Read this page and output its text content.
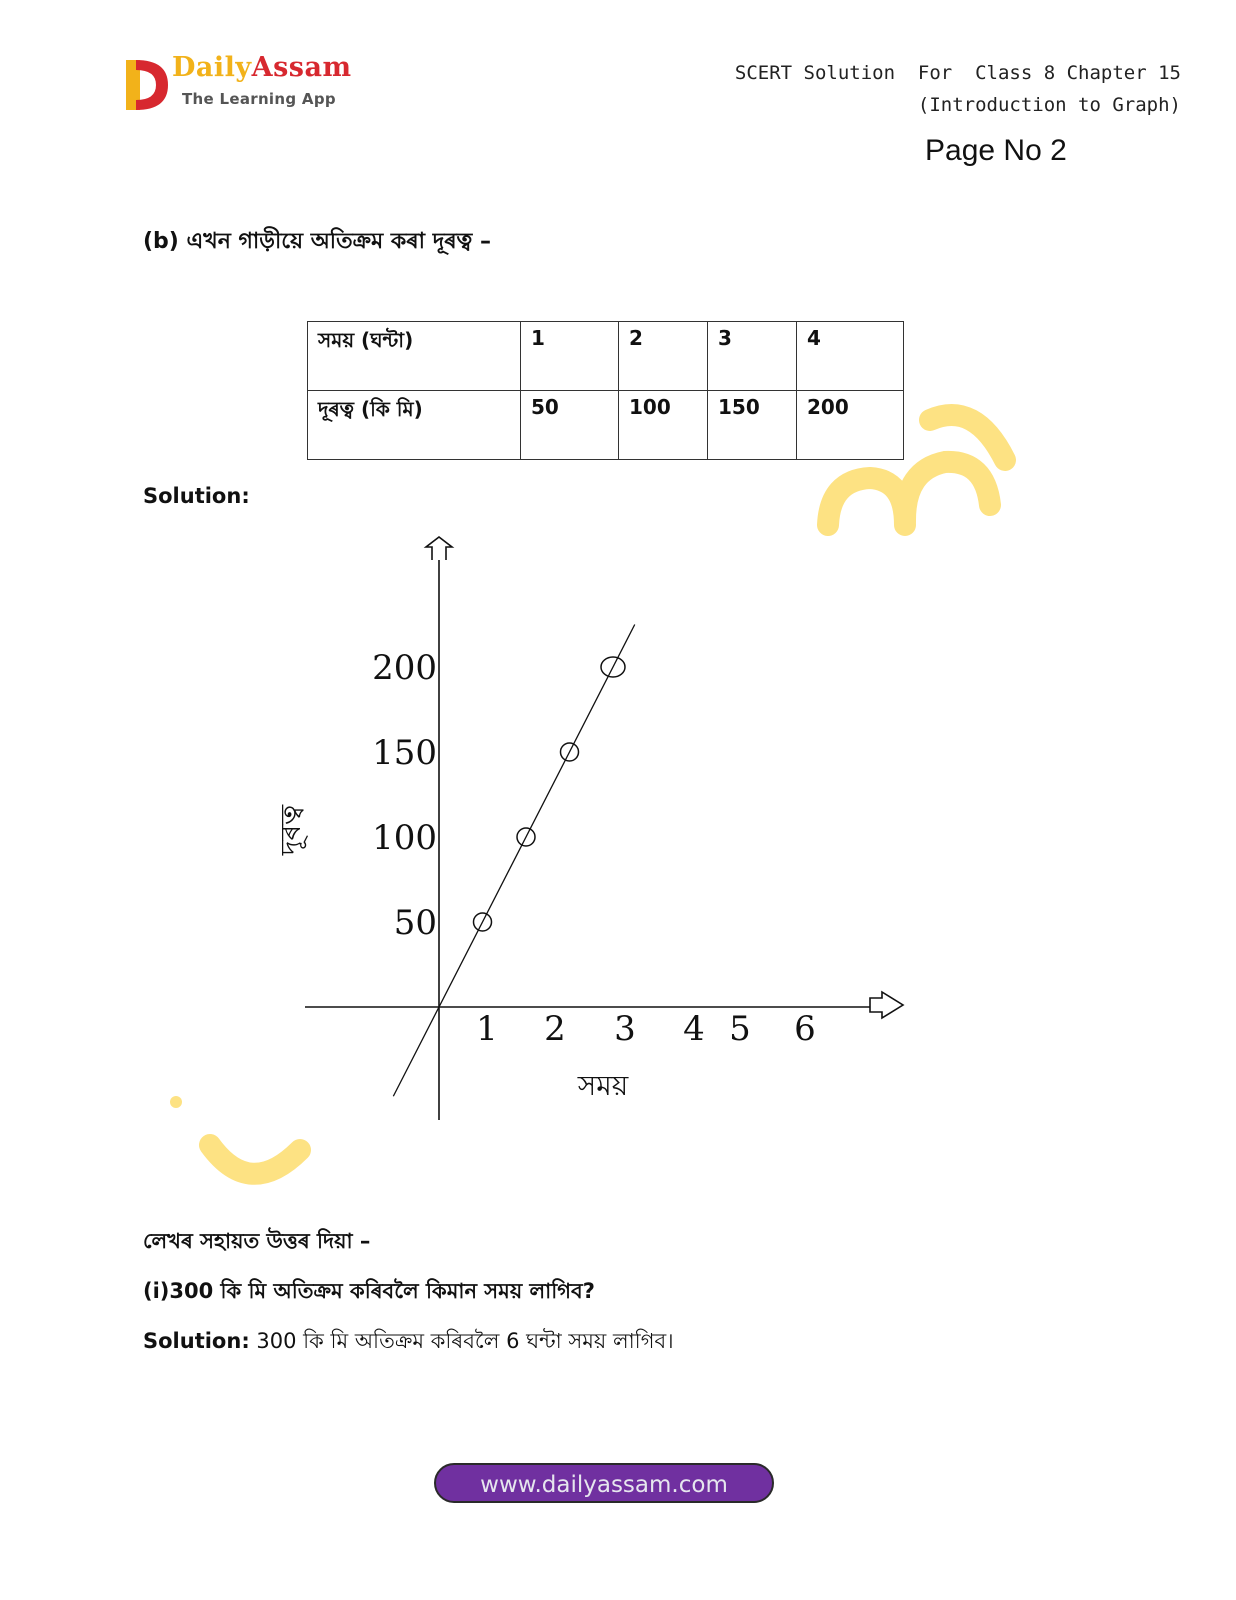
DailyAssam
The Learning App
SCERT Solution  For  Class 8 Chapter 15
(Introduction to Graph)
Page No 2
(b) এখন গাড়ীয়ে অতিক্রম কৰা দূৰত্ব –
সময় (ঘন্টা)	1	2	3	4
দূৰত্ব (কি মি)	50	100	150	200
Solution:
1 2 3 4 5 6
200
150
100
50
সময়
দূৰত্ব
লেখৰ সহায়ত উত্তৰ দিয়া –
(i)300 কি মি অতিক্ৰম কৰিবলৈ কিমান সময় লাগিব?
Solution: 300 কি মি অতিক্ৰম কৰিবলৈ 6 ঘন্টা সময় লাগিব।
www.dailyassam.com
